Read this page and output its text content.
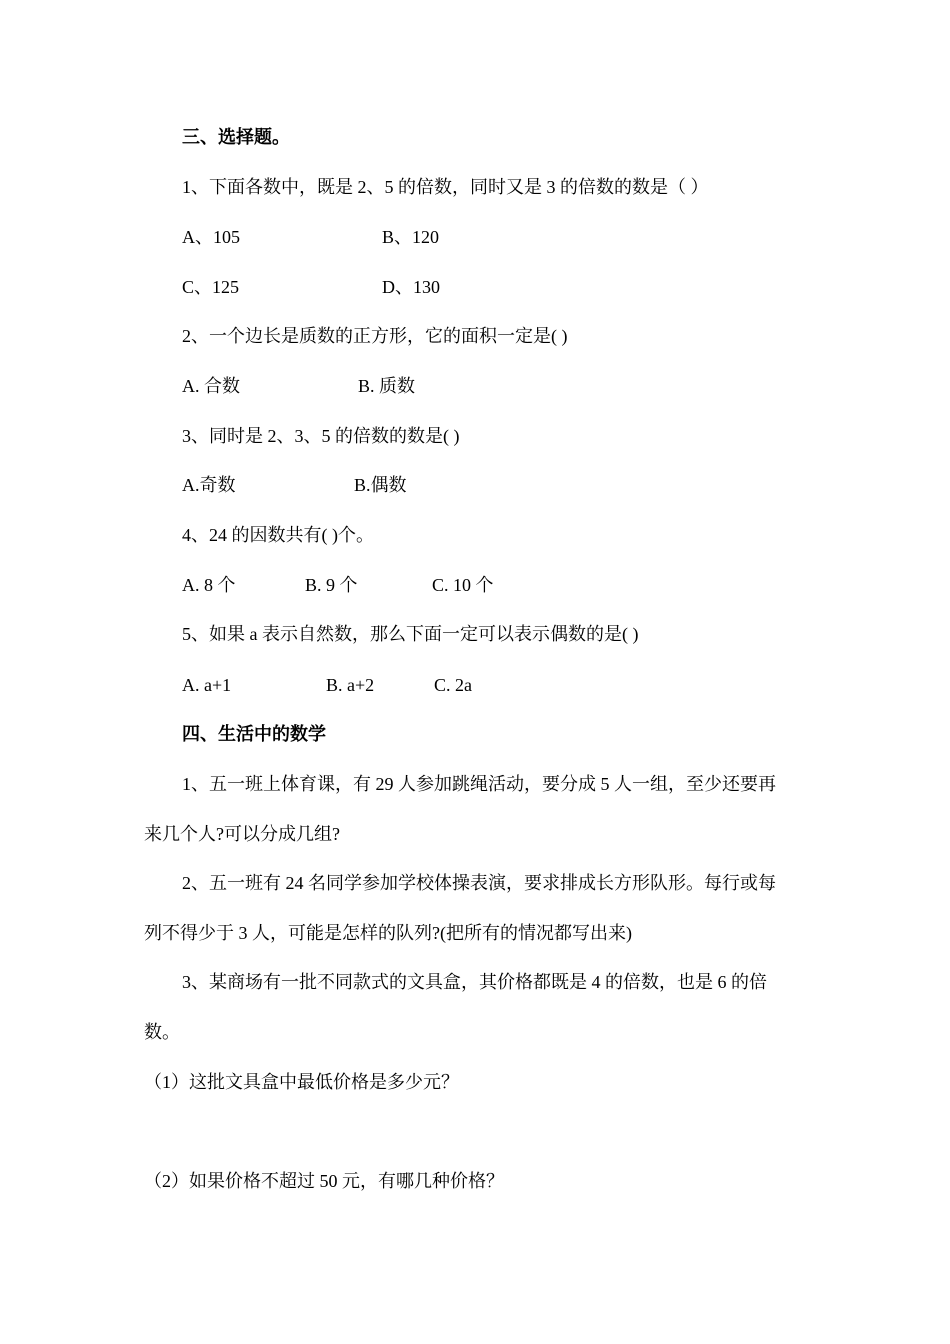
三、选择题。
1、下面各数中，既是 2、5 的倍数，同时又是 3 的倍数的数是（ ）
A、105	B、120
C、125	D、130
2、一个边长是质数的正方形，它的面积一定是( )
A. 合数	B. 质数
3、同时是 2、3、5 的倍数的数是( )
A.奇数	B.偶数
4、24 的因数共有( )个。
A. 8 个	B. 9 个	C. 10 个
5、如果 a 表示自然数，那么下面一定可以表示偶数的是( )
A. a+1	B. a+2	C. 2a
四、生活中的数学
1、五一班上体育课，有 29 人参加跳绳活动，要分成 5 人一组，至少还要再
来几个人?可以分成几组?
2、五一班有 24 名同学参加学校体操表演，要求排成长方形队形。每行或每
列不得少于 3 人，可能是怎样的队列?(把所有的情况都写出来)
3、某商场有一批不同款式的文具盒，其价格都既是 4 的倍数，也是 6 的倍
数。
（1）这批文具盒中最低价格是多少元？
（2）如果价格不超过 50 元，有哪几种价格？
